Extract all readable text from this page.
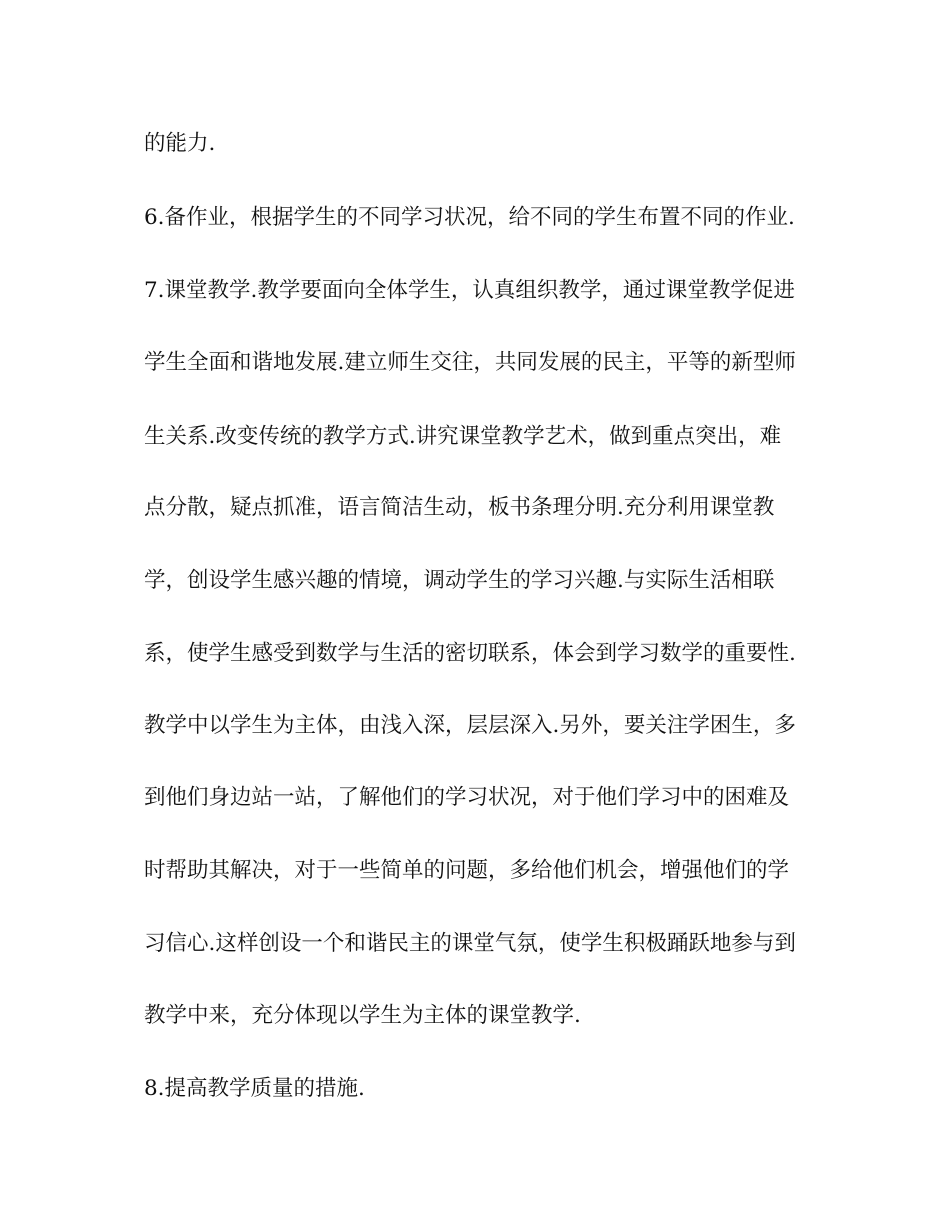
的能力.
6.备作业，根据学生的不同学习状况，给不同的学生布置不同的作业.
7.课堂教学.教学要面向全体学生，认真组织教学，通过课堂教学促进
学生全面和谐地发展.建立师生交往，共同发展的民主，平等的新型师
生关系.改变传统的教学方式.讲究课堂教学艺术，做到重点突出，难
点分散，疑点抓准，语言简洁生动，板书条理分明.充分利用课堂教
学，创设学生感兴趣的情境，调动学生的学习兴趣.与实际生活相联
系，使学生感受到数学与生活的密切联系，体会到学习数学的重要性.
教学中以学生为主体，由浅入深，层层深入.另外，要关注学困生，多
到他们身边站一站，了解他们的学习状况，对于他们学习中的困难及
时帮助其解决，对于一些简单的问题，多给他们机会，增强他们的学
习信心.这样创设一个和谐民主的课堂气氛，使学生积极踊跃地参与到
教学中来，充分体现以学生为主体的课堂教学.
8.提高教学质量的措施.
